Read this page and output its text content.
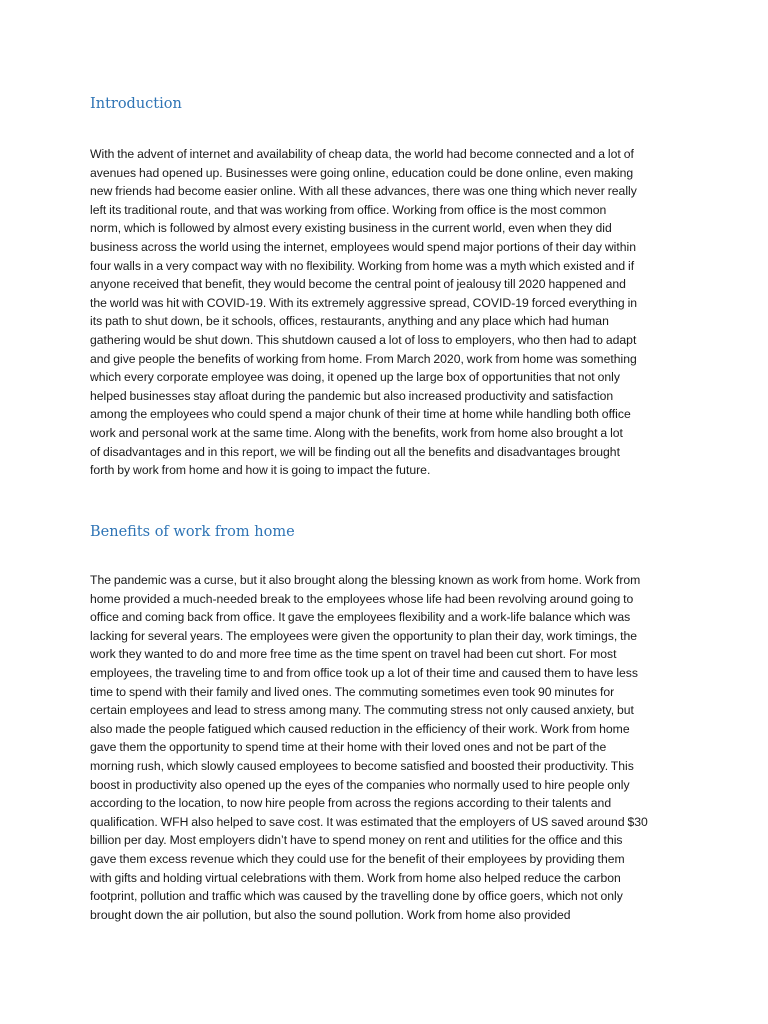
Introduction
With the advent of internet and availability of cheap data, the world had become connected and a lot of
avenues had opened up. Businesses were going online, education could be done online, even making
new friends had become easier online. With all these advances, there was one thing which never really
left its traditional route, and that was working from office. Working from office is the most common
norm, which is followed by almost every existing business in the current world, even when they did
business across the world using the internet, employees would spend major portions of their day within
four walls in a very compact way with no flexibility. Working from home was a myth which existed and if
anyone received that benefit, they would become the central point of jealousy till 2020 happened and
the world was hit with COVID-19. With its extremely aggressive spread, COVID-19 forced everything in
its path to shut down, be it schools, offices, restaurants, anything and any place which had human
gathering would be shut down. This shutdown caused a lot of loss to employers, who then had to adapt
and give people the benefits of working from home. From March 2020, work from home was something
which every corporate employee was doing, it opened up the large box of opportunities that not only
helped businesses stay afloat during the pandemic but also increased productivity and satisfaction
among the employees who could spend a major chunk of their time at home while handling both office
work and personal work at the same time. Along with the benefits, work from home also brought a lot
of disadvantages and in this report, we will be finding out all the benefits and disadvantages brought
forth by work from home and how it is going to impact the future.
Benefits of work from home
The pandemic was a curse, but it also brought along the blessing known as work from home. Work from
home provided a much-needed break to the employees whose life had been revolving around going to
office and coming back from office. It gave the employees flexibility and a work-life balance which was
lacking for several years. The employees were given the opportunity to plan their day, work timings, the
work they wanted to do and more free time as the time spent on travel had been cut short. For most
employees, the traveling time to and from office took up a lot of their time and caused them to have less
time to spend with their family and lived ones. The commuting sometimes even took 90 minutes for
certain employees and lead to stress among many. The commuting stress not only caused anxiety, but
also made the people fatigued which caused reduction in the efficiency of their work. Work from home
gave them the opportunity to spend time at their home with their loved ones and not be part of the
morning rush, which slowly caused employees to become satisfied and boosted their productivity. This
boost in productivity also opened up the eyes of the companies who normally used to hire people only
according to the location, to now hire people from across the regions according to their talents and
qualification. WFH also helped to save cost. It was estimated that the employers of US saved around $30
billion per day. Most employers didn’t have to spend money on rent and utilities for the office and this
gave them excess revenue which they could use for the benefit of their employees by providing them
with gifts and holding virtual celebrations with them. Work from home also helped reduce the carbon
footprint, pollution and traffic which was caused by the travelling done by office goers, which not only
brought down the air pollution, but also the sound pollution. Work from home also provided
